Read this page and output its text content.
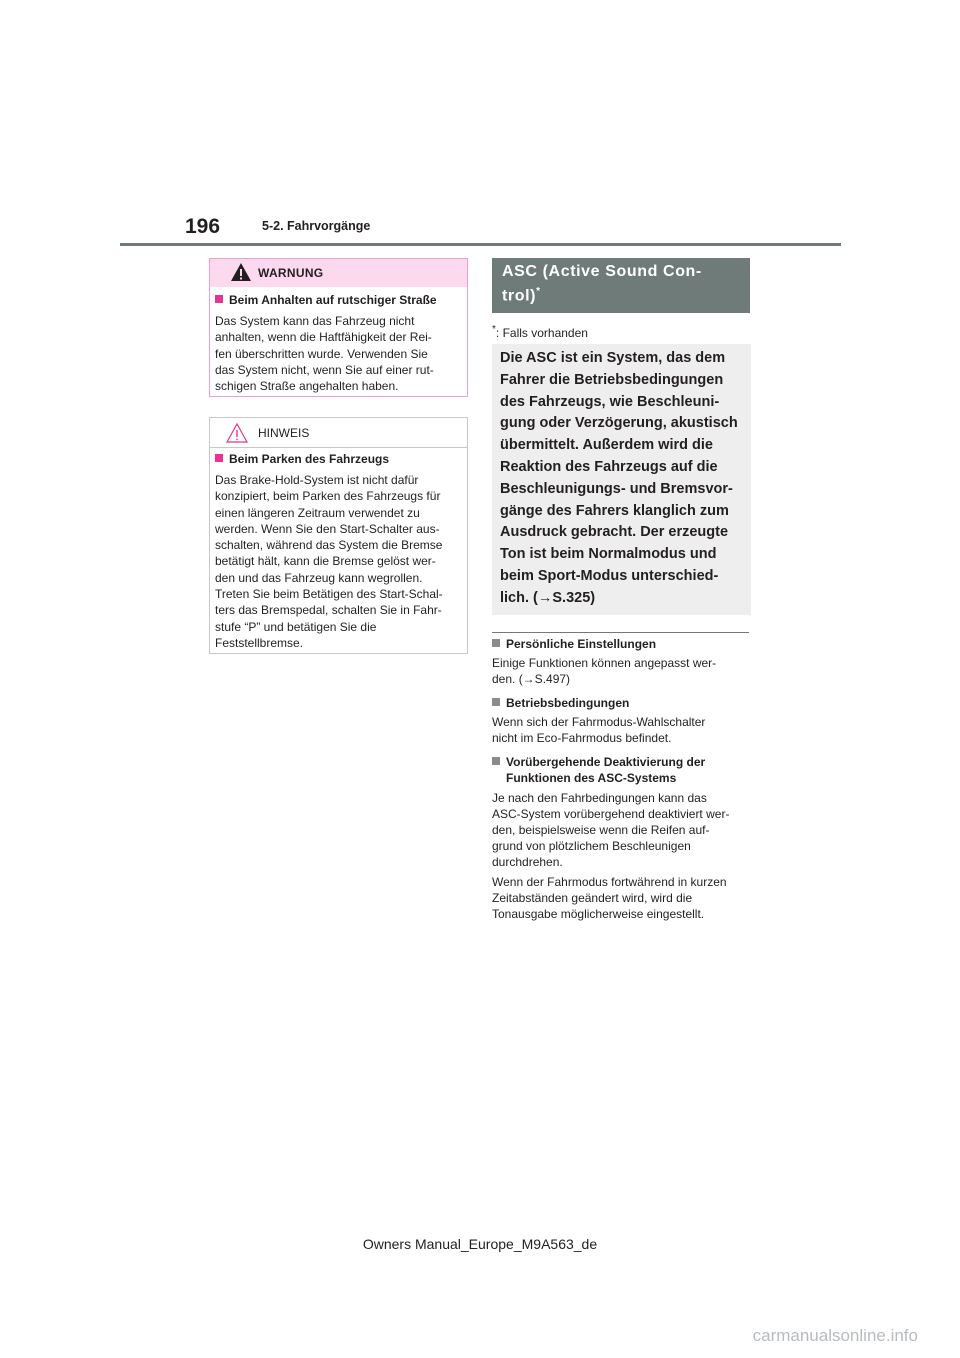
196	5-2. Fahrvorgänge
WARNUNG
Beim Anhalten auf rutschiger Straße
Das System kann das Fahrzeug nicht
anhalten, wenn die Haftfähigkeit der Rei-
fen überschritten wurde. Verwenden Sie
das System nicht, wenn Sie auf einer rut-
schigen Straße angehalten haben.
HINWEIS
Beim Parken des Fahrzeugs
Das Brake-Hold-System ist nicht dafür
konzipiert, beim Parken des Fahrzeugs für
einen längeren Zeitraum verwendet zu
werden. Wenn Sie den Start-Schalter aus-
schalten, während das System die Bremse
betätigt hält, kann die Bremse gelöst wer-
den und das Fahrzeug kann wegrollen.
Treten Sie beim Betätigen des Start-Schal-
ters das Bremspedal, schalten Sie in Fahr-
stufe “P” und betätigen Sie die
Feststellbremse.
ASC (Active Sound Con-
trol)*
*: Falls vorhanden
Die ASC ist ein System, das dem
Fahrer die Betriebsbedingungen
des Fahrzeugs, wie Beschleuni-
gung oder Verzögerung, akustisch
übermittelt. Außerdem wird die
Reaktion des Fahrzeugs auf die
Beschleunigungs- und Bremsvor-
gänge des Fahrers klanglich zum
Ausdruck gebracht. Der erzeugte
Ton ist beim Normalmodus und
beim Sport-Modus unterschied-
lich. (→S.325)
Persönliche Einstellungen
Einige Funktionen können angepasst wer-
den. (→S.497)
Betriebsbedingungen
Wenn sich der Fahrmodus-Wahlschalter
nicht im Eco-Fahrmodus befindet.
Vorübergehende Deaktivierung der
Funktionen des ASC-Systems
Je nach den Fahrbedingungen kann das
ASC-System vorübergehend deaktiviert wer-
den, beispielsweise wenn die Reifen auf-
grund von plötzlichem Beschleunigen
durchdrehen.
Wenn der Fahrmodus fortwährend in kurzen
Zeitabständen geändert wird, wird die
Tonausgabe möglicherweise eingestellt.
Owners Manual_Europe_M9A563_de
carmanualsonline.info
